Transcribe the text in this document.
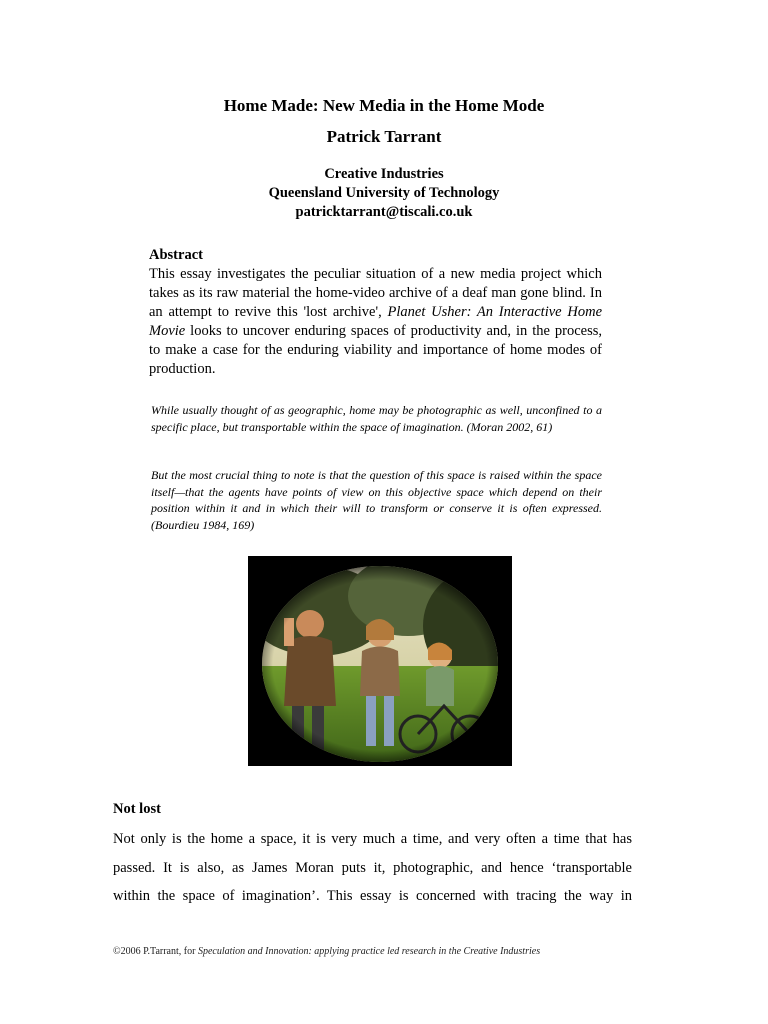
Home Made: New Media in the Home Mode
Patrick Tarrant
Creative Industries
Queensland University of Technology
patricktarrant@tiscali.co.uk
Abstract
This essay investigates the peculiar situation of a new media project which takes as its raw material the home-video archive of a deaf man gone blind. In an attempt to revive this 'lost archive', Planet Usher: An Interactive Home Movie looks to uncover enduring spaces of productivity and, in the process, to make a case for the enduring viability and importance of home modes of production.
While usually thought of as geographic, home may be photographic as well, unconfined to a specific place, but transportable within the space of imagination. (Moran 2002, 61)
But the most crucial thing to note is that the question of this space is raised within the space itself—that the agents have points of view on this objective space which depend on their position within it and in which their will to transform or conserve it is often expressed. (Bourdieu 1984, 169)
Not lost
Not only is the home a space, it is very much a time, and very often a time that has
passed. It is also, as James Moran puts it, photographic, and hence ‘transportable
within the space of imagination’. This essay is concerned with tracing the way in
©2006 P.Tarrant, for Speculation and Innovation: applying practice led research in the Creative Industries
